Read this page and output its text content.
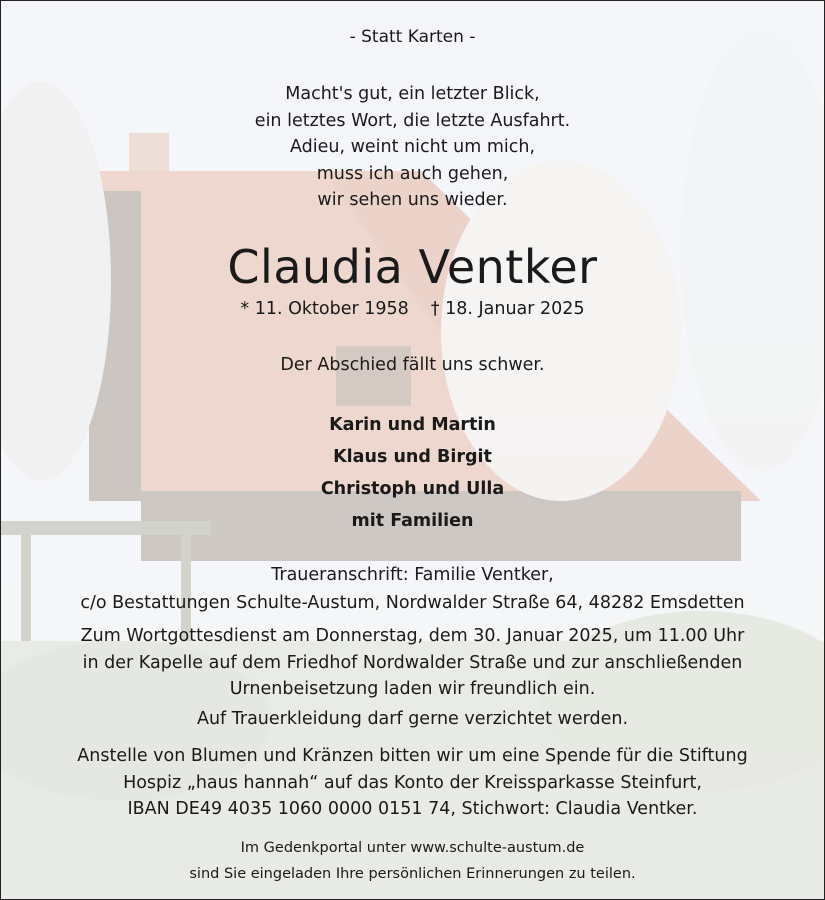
- Statt Karten -
Macht's gut, ein letzter Blick,
ein letztes Wort, die letzte Ausfahrt.
Adieu, weint nicht um mich,
muss ich auch gehen,
wir sehen uns wieder.
Claudia Ventker
* 11. Oktober 1958 † 18. Januar 2025
Der Abschied fällt uns schwer.
Karin und Martin
Klaus und Birgit
Christoph und Ulla
mit Familien
Traueranschrift: Familie Ventker,
c/o Bestattungen Schulte-Austum, Nordwalder Straße 64, 48282 Emsdetten
Zum Wortgottesdienst am Donnerstag, dem 30. Januar 2025, um 11.00 Uhr
in der Kapelle auf dem Friedhof Nordwalder Straße und zur anschließenden
Urnenbeisetzung laden wir freundlich ein.
Auf Trauerkleidung darf gerne verzichtet werden.
Anstelle von Blumen und Kränzen bitten wir um eine Spende für die Stiftung
Hospiz „haus hannah“ auf das Konto der Kreissparkasse Steinfurt,
IBAN DE49 4035 1060 0000 0151 74, Stichwort: Claudia Ventker.
Im Gedenkportal unter www.schulte-austum.de
sind Sie eingeladen Ihre persönlichen Erinnerungen zu teilen.
